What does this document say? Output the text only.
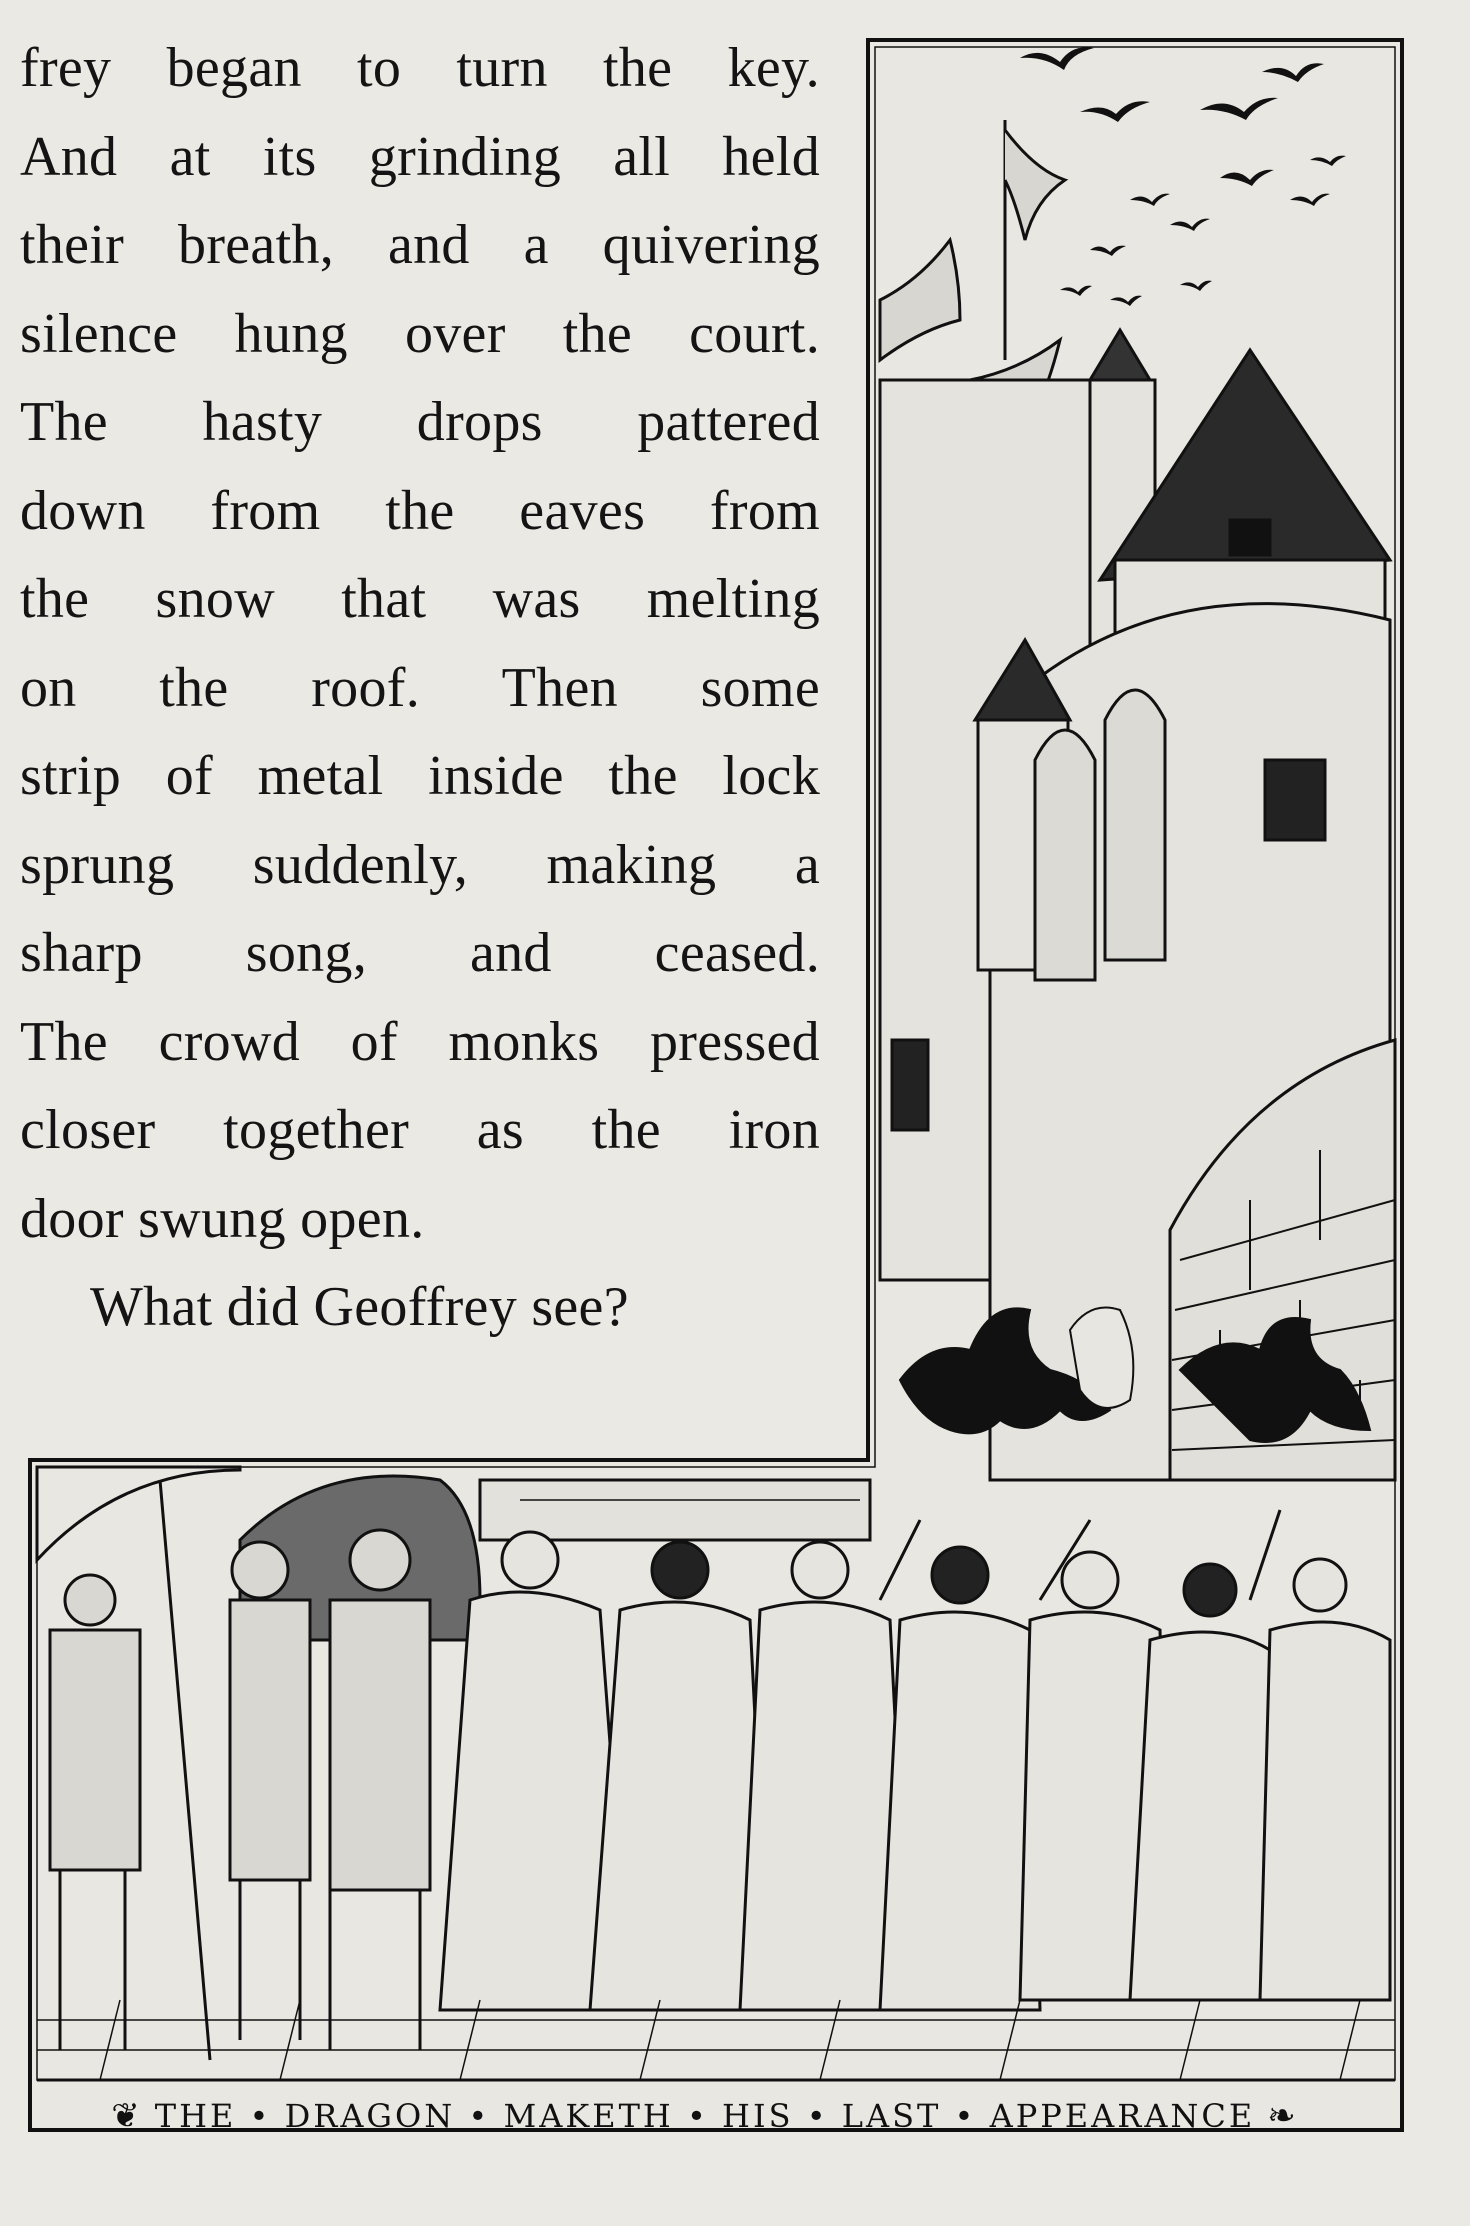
frey began to turn the key.
And at its grinding all held
their breath, and a quivering
silence hung over the court.
The hasty drops pattered
down from the eaves from
the snow that was melting
on the roof. Then some
strip of metal inside the lock
sprung suddenly, making a
sharp song, and ceased.
The crowd of monks pressed
closer together as the iron
door swung open.
What did Geoffrey see?
❦ THE • DRAGON • MAKETH • HIS • LAST • APPEARANCE ❧
